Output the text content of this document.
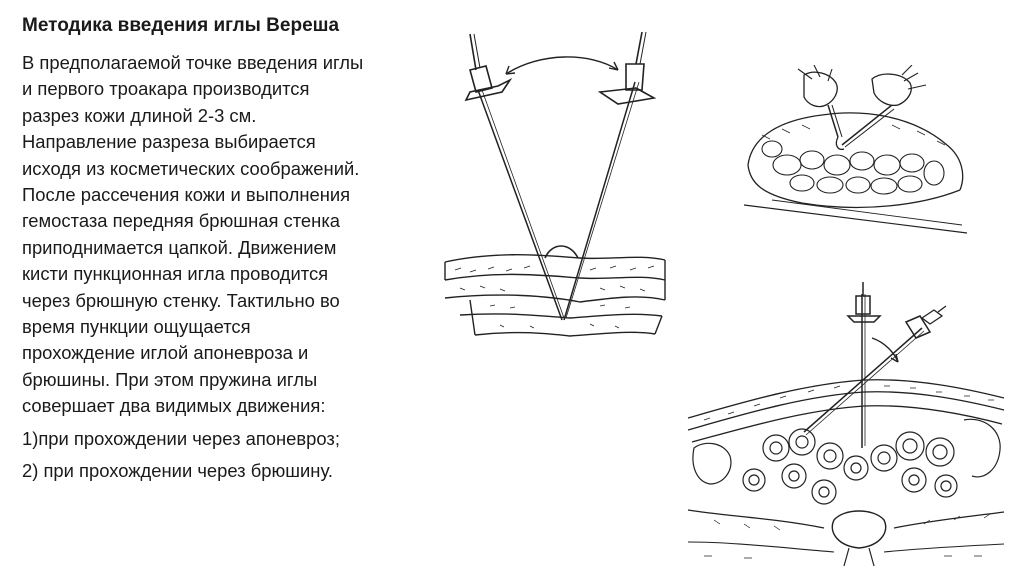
Методика введения иглы Вереша

В предполагаемой точке введения иглы

и первого троакара производится

разрез кожи длиной 2-3 см.

Направление разреза выбирается

исходя из косметических соображений.

После рассечения кожи и выполнения

гемостаза передняя брюшная стенка

приподнимается цапкой. Движением

кисти пункционная игла проводится

через брюшную стенку. Тактильно во

время пункции ощущается

прохождение иглой апоневроза и

брюшины. При этом пружина иглы

совершает два видимых движения:

1)при прохождении через апоневроз;

2) при прохождении через брюшину.
